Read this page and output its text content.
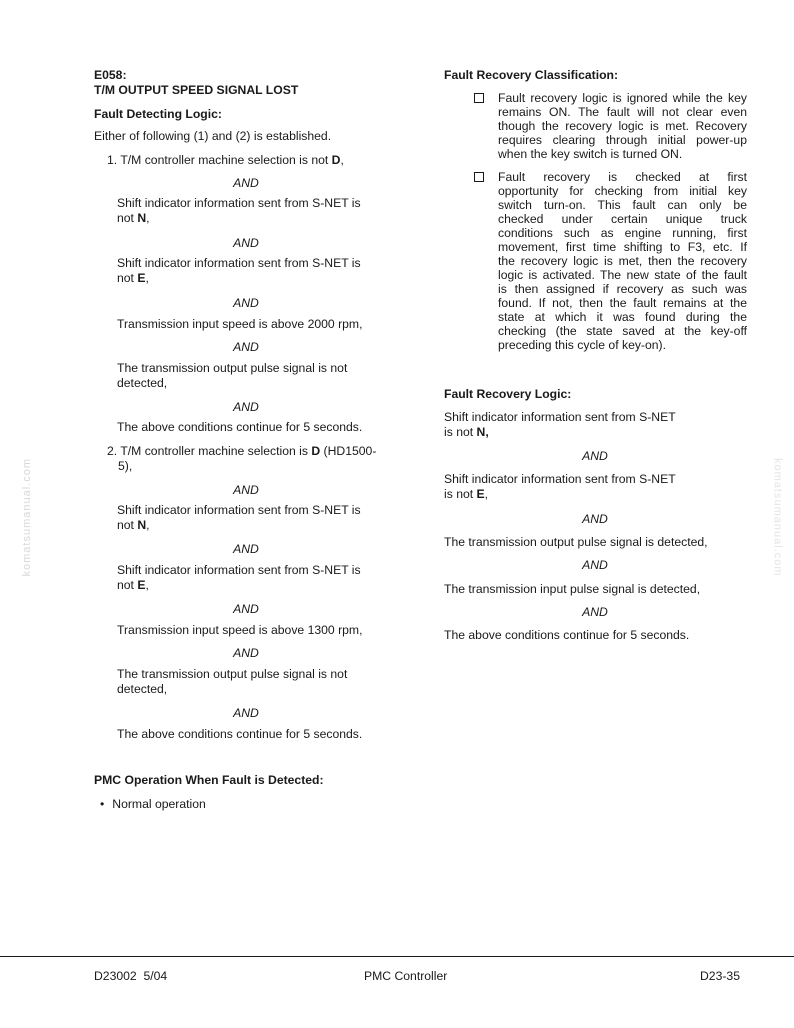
komatsumanual.com	komatsumanual.com
E058:
T/M OUTPUT SPEED SIGNAL LOST
Fault Detecting Logic:
Either of following (1) and (2) is established.
1. T/M controller machine selection is not D,
AND
Shift indicator information sent from S-NET is
not N,
AND
Shift indicator information sent from S-NET is
not E,
AND
Transmission input speed is above 2000 rpm,
AND
The transmission output pulse signal is not
detected,
AND
The above conditions continue for 5 seconds.
2. T/M controller machine selection is D (HD1500-
5),
AND
Shift indicator information sent from S-NET is
not N,
AND
Shift indicator information sent from S-NET is
not E,
AND
Transmission input speed is above 1300 rpm,
AND
The transmission output pulse signal is not
detected,
AND
The above conditions continue for 5 seconds.
PMC Operation When Fault is Detected:
• Normal operation
Fault Recovery Classification:
Fault recovery logic is ignored while the key
remains ON. The fault will not clear even
though the recovery logic is met. Recovery
requires clearing through initial power-up
when the key switch is turned ON.
Fault recovery is checked at first
opportunity for checking from initial key
switch turn-on. This fault can only be
checked under certain unique truck
conditions such as engine running, first
movement, first time shifting to F3, etc. If
the recovery logic is met, then the recovery
logic is activated. The new state of the fault
is then assigned if recovery as such was
found. If not, then the fault remains at the
state at which it was found during the
checking (the state saved at the key-off
preceding this cycle of key-on).
Fault Recovery Logic:
Shift indicator information sent from S-NET
is not N,
AND
Shift indicator information sent from S-NET
is not E,
AND
The transmission output pulse signal is detected,
AND
The transmission input pulse signal is detected,
AND
The above conditions continue for 5 seconds.
D23002  5/04	PMC Controller	D23-35
